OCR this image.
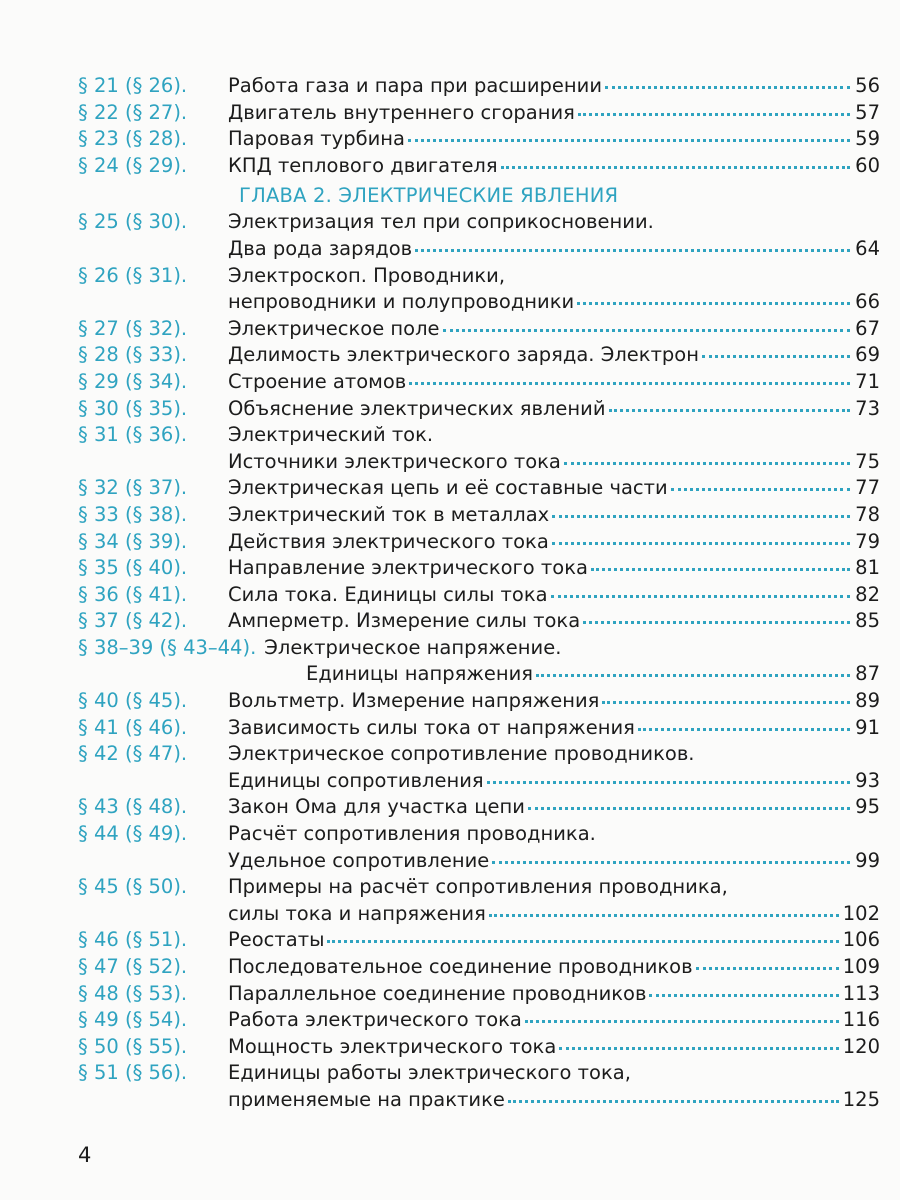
§ 21 (§ 26).	Работа газа и пара при расширении	56
§ 22 (§ 27).	Двигатель внутреннего сгорания	57
§ 23 (§ 28).	Паровая турбина	59
§ 24 (§ 29).	КПД теплового двигателя	60
ГЛАВА 2. ЭЛЕКТРИЧЕСКИЕ ЯВЛЕНИЯ
§ 25 (§ 30).	Электризация тел при соприкосновении.
Два рода зарядов	64
§ 26 (§ 31).	Электроскоп. Проводники,
непроводники и полупроводники	66
§ 27 (§ 32).	Электрическое поле	67
§ 28 (§ 33).	Делимость электрического заряда. Электрон	69
§ 29 (§ 34).	Строение атомов	71
§ 30 (§ 35).	Объяснение электрических явлений	73
§ 31 (§ 36).	Электрический ток.
Источники электрического тока	75
§ 32 (§ 37).	Электрическая цепь и её составные части	77
§ 33 (§ 38).	Электрический ток в металлах	78
§ 34 (§ 39).	Действия электрического тока	79
§ 35 (§ 40).	Направление электрического тока	81
§ 36 (§ 41).	Сила тока. Единицы силы тока	82
§ 37 (§ 42).	Амперметр. Измерение силы тока	85
§ 38–39 (§ 43–44). Электрическое напряжение.
Единицы напряжения	87
§ 40 (§ 45).	Вольтметр. Измерение напряжения	89
§ 41 (§ 46).	Зависимость силы тока от напряжения	91
§ 42 (§ 47).	Электрическое сопротивление проводников.
Единицы сопротивления	93
§ 43 (§ 48).	Закон Ома для участка цепи	95
§ 44 (§ 49).	Расчёт сопротивления проводника.
Удельное сопротивление	99
§ 45 (§ 50).	Примеры на расчёт сопротивления проводника,
силы тока и напряжения	102
§ 46 (§ 51).	Реостаты	106
§ 47 (§ 52).	Последовательное соединение проводников	109
§ 48 (§ 53).	Параллельное соединение проводников	113
§ 49 (§ 54).	Работа электрического тока	116
§ 50 (§ 55).	Мощность электрического тока	120
§ 51 (§ 56).	Единицы работы электрического тока,
применяемые на практике	125
4
